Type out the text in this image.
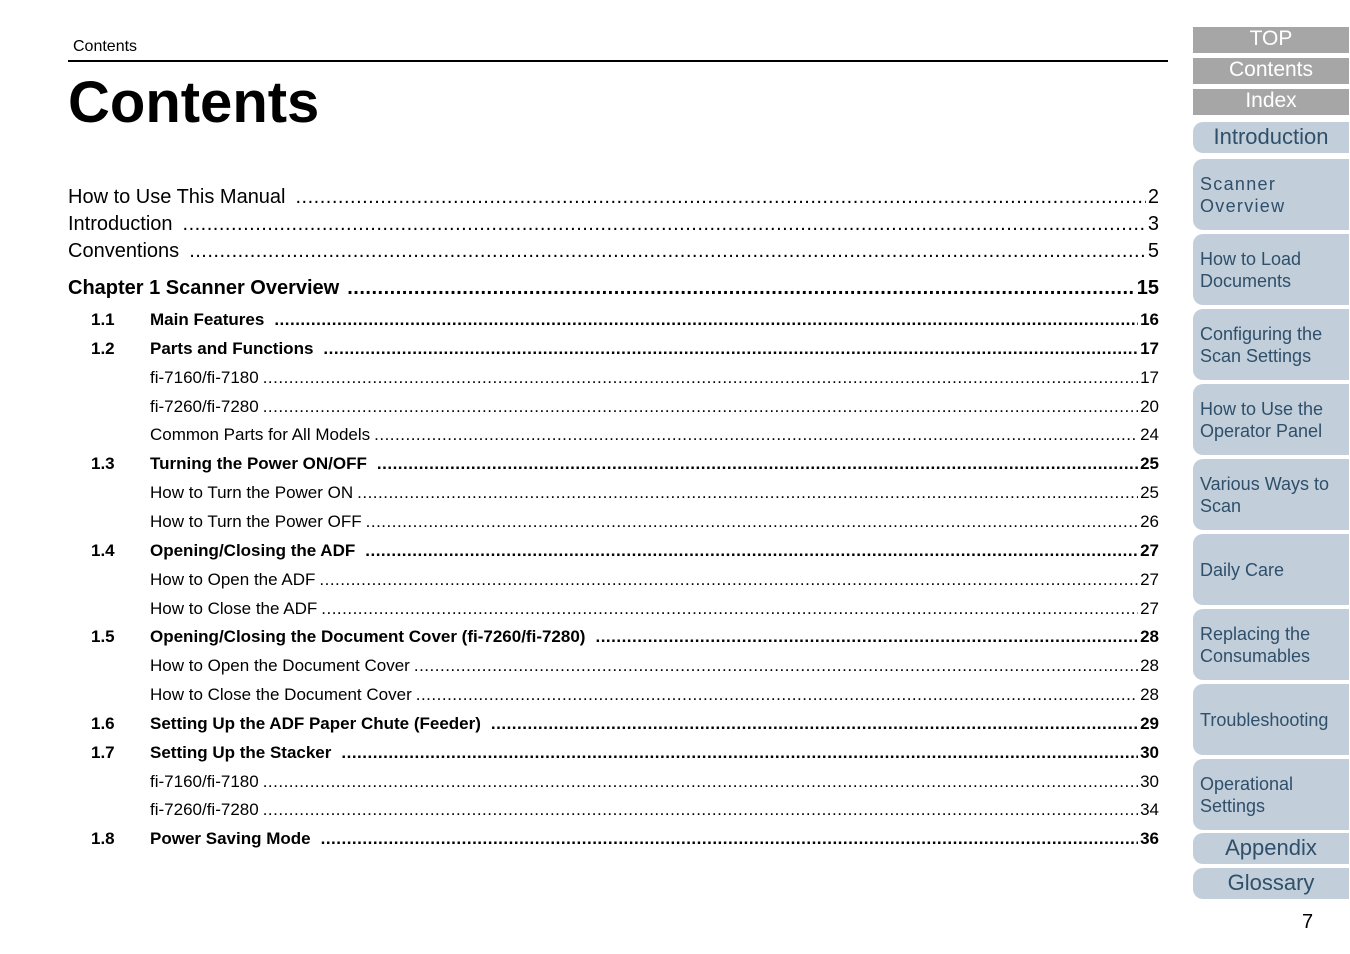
Contents
Contents
How to Use This Manual .....	2
Introduction .....	3
Conventions .....	5
Chapter 1 Scanner Overview .....	15
1.1	Main Features .....	16
1.2	Parts and Functions .....	17
fi-7160/fi-7180 .....	17
fi-7260/fi-7280 .....	20
Common Parts for All Models .....	24
1.3	Turning the Power ON/OFF .....	25
How to Turn the Power ON .....	25
How to Turn the Power OFF .....	26
1.4	Opening/Closing the ADF .....	27
How to Open the ADF .....	27
How to Close the ADF .....	27
1.5	Opening/Closing the Document Cover (fi-7260/fi-7280) .....	28
How to Open the Document Cover .....	28
How to Close the Document Cover .....	28
1.6	Setting Up the ADF Paper Chute (Feeder) .....	29
1.7	Setting Up the Stacker .....	30
fi-7160/fi-7180 .....	30
fi-7260/fi-7280 .....	34
1.8	Power Saving Mode .....	36
TOP
Contents
Index
Introduction
Scanner
Overview
How to Load
Documents
Configuring the
Scan Settings
How to Use the
Operator Panel
Various Ways to
Scan
Daily Care
Replacing the
Consumables
Troubleshooting
Operational
Settings
Appendix
Glossary
7
